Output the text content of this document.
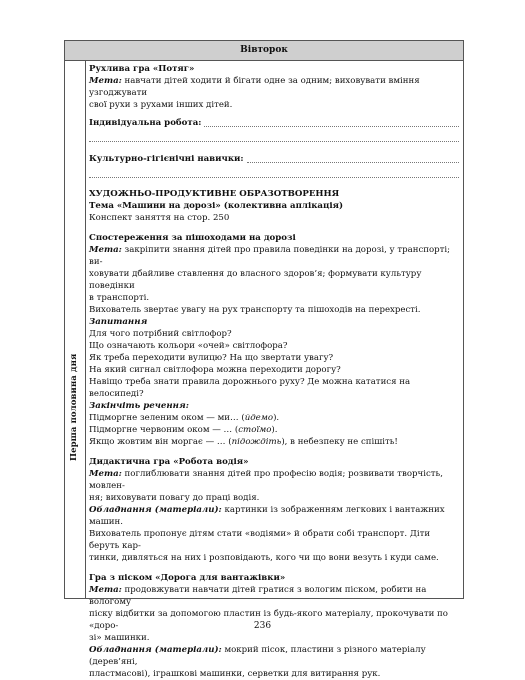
Вівторок
Перша половина дня

Рухлива гра «Потяг»

Мета: навчати дітей ходити й бігати одне за одним; виховувати вміння узгоджувати

свої рухи з рухами інших дітей.

Індивідуальна робота:
Культурно-гігієнічні навички:

ХУДОЖНЬО-ПРОДУКТИВНЕ ОБРАЗОТВОРЕННЯ

Тема «Машини на дорозі» (колективна аплікація)

Конспект заняття на стор. 250

Спостереження за пішоходами на дорозі

Мета: закріпити знання дітей про правила поведінки на дорозі, у транспорті; ви-

ховувати дбайливе ставлення до власного здоров’я; формувати культуру поведінки

в транспорті.

Вихователь звертає увагу на рух транспорту та пішоходів на перехресті.

Запитання

Для чого потрібний світлофор?

Що означають кольори «очей» світлофора?

Як треба переходити вулицю? На що звертати увагу?

На який сигнал світлофора можна переходити дорогу?

Навіщо треба знати правила дорожнього руху? Де можна кататися на велосипеді?

Закінчіть речення:

Підморгне зеленим оком — ми… (йдемо).

Підморгне червоним оком — … (стоїмо).

Якщо жовтим він моргає — … (підождіть), в небезпеку не спішіть!

Дидактична гра «Робота водія»

Мета: поглиблювати знання дітей про професію водія; розвивати творчість, мовлен-

ня; виховувати повагу до праці водія.

Обладнання (матеріали): картинки із зображенням легкових і вантажних машин.

Вихователь пропонує дітям стати «водіями» й обрати собі транспорт. Діти беруть кар-

тинки, дивляться на них і розповідають, кого чи що вони везуть і куди саме.

Гра з піском «Дорога для вантажівки»

Мета: продовжувати навчати дітей гратися з вологим піском, робити на вологому

піску відбитки за допомогою пластин із будь-якого матеріалу, прокочувати по «доро-

зі» машинки.

Обладнання (матеріали): мокрий пісок, пластини з різного матеріалу (дерев’яні,

пластмасові), іграшкові машинки, серветки для витирання рук.

236
